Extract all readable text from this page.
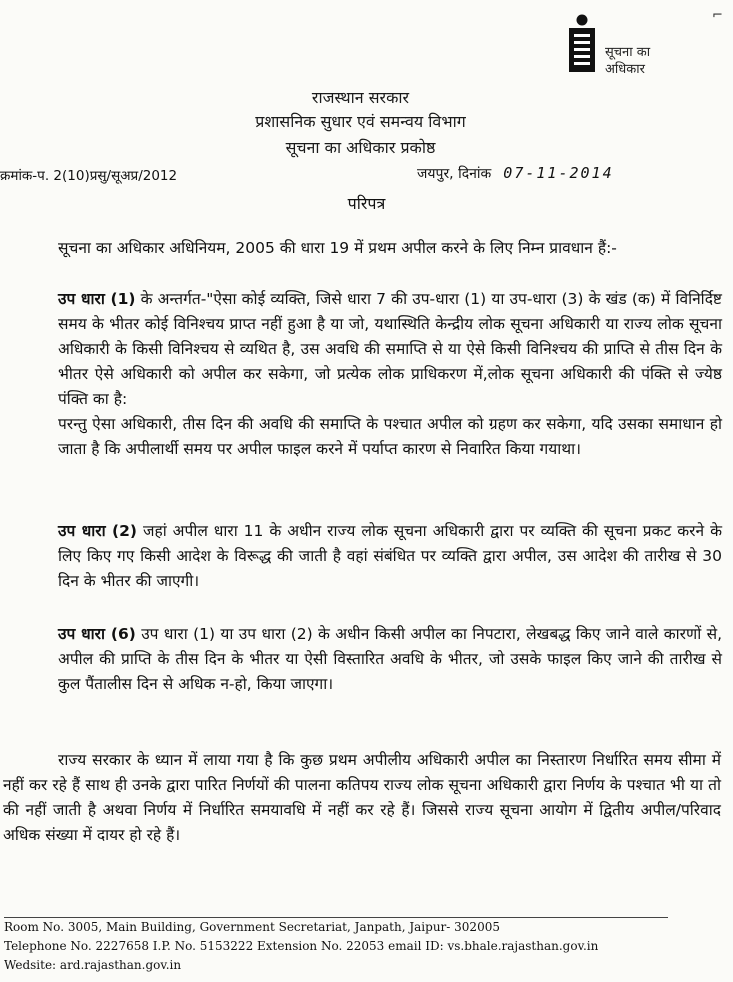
सूचना का
अधिकार
⌐
राजस्थान सरकार
प्रशासनिक सुधार एवं समन्वय विभाग
सूचना का अधिकार प्रकोष्ठ
क्रमांक-प. 2(10)प्रसु/सूअप्र/2012	जयपुर, दिनांक 07-11-2014
परिपत्र
सूचना का अधिकार अधिनियम, 2005 की धारा 19 में प्रथम अपील करने के लिए निम्न प्रावधान हैं:-
उप धारा (1) के अन्तर्गत-"ऐसा कोई व्यक्ति, जिसे धारा 7 की उप-धारा (1) या उप-धारा (3) के खंड (क) में विनिर्दिष्ट समय के भीतर कोई विनिश्चय प्राप्त नहीं हुआ है या जो, यथास्थिति केन्द्रीय लोक सूचना अधिकारी या राज्य लोक सूचना अधिकारी के किसी विनिश्चय से व्यथित है, उस अवधि की समाप्ति से या ऐसे किसी विनिश्चय की प्राप्ति से तीस दिन के भीतर ऐसे अधिकारी को अपील कर सकेगा, जो प्रत्येक लोक प्राधिकरण में,लोक सूचना अधिकारी की पंक्ति से ज्येष्ठ पंक्ति का है:
परन्तु ऐसा अधिकारी, तीस दिन की अवधि की समाप्ति के पश्चात अपील को ग्रहण कर सकेगा, यदि उसका समाधान हो जाता है कि अपीलार्थी समय पर अपील फाइल करने में पर्याप्त कारण से निवारित किया गयाथा।
उप धारा (2) जहां अपील धारा 11 के अधीन राज्य लोक सूचना अधिकारी द्वारा पर व्यक्ति की सूचना प्रकट करने के लिए किए गए किसी आदेश के विरूद्ध की जाती है वहां संबंधित पर व्यक्ति द्वारा अपील, उस आदेश की तारीख से 30 दिन के भीतर की जाएगी।
उप धारा (6) उप धारा (1) या उप धारा (2) के अधीन किसी अपील का निपटारा, लेखबद्ध किए जाने वाले कारणों से, अपील की प्राप्ति के तीस दिन के भीतर या ऐसी विस्तारित अवधि के भीतर, जो उसके फाइल किए जाने की तारीख से कुल पैंतालीस दिन से अधिक न-हो, किया जाएगा।
राज्य सरकार के ध्यान में लाया गया है कि कुछ प्रथम अपीलीय अधिकारी अपील का निस्तारण निर्धारित समय सीमा में नहीं कर रहे हैं साथ ही उनके द्वारा पारित निर्णयों की पालना कतिपय राज्य लोक सूचना अधिकारी द्वारा निर्णय के पश्चात भी या तो की नहीं जाती है अथवा निर्णय में निर्धारित समयावधि में नहीं कर रहे हैं। जिससे राज्य सूचना आयोग में द्वितीय अपील/परिवाद अधिक संख्या में दायर हो रहे हैं।
Room No. 3005, Main Building, Government Secretariat, Janpath, Jaipur- 302005
Telephone No. 2227658 I.P. No. 5153222 Extension No. 22053 email ID: vs.bhale.rajasthan.gov.in
Wedsite: ard.rajasthan.gov.in
